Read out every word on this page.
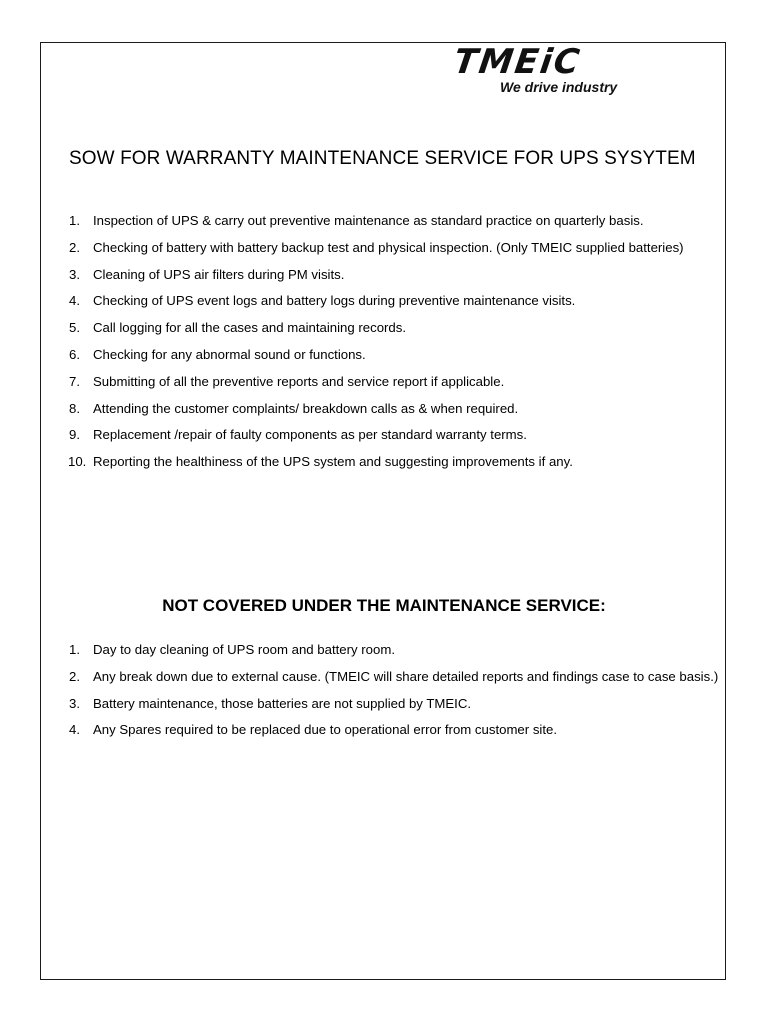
TMEiC
We drive industry
SOW FOR WARRANTY MAINTENANCE SERVICE FOR UPS SYSYTEM
1. Inspection of UPS & carry out preventive maintenance as standard practice on quarterly basis.
2. Checking of battery with battery backup test and physical inspection. (Only TMEIC supplied batteries)
3. Cleaning of UPS air filters during PM visits.
4. Checking of UPS event logs and battery logs during preventive maintenance visits.
5. Call logging for all the cases and maintaining records.
6. Checking for any abnormal sound or functions.
7. Submitting of all the preventive reports and service report if applicable.
8. Attending the customer complaints/ breakdown calls as & when required.
9. Replacement /repair of faulty components as per standard warranty terms.
10. Reporting the healthiness of the UPS system and suggesting improvements if any.
NOT COVERED UNDER THE MAINTENANCE SERVICE:
1. Day to day cleaning of UPS room and battery room.
2. Any break down due to external cause. (TMEIC will share detailed reports and findings case to case basis.)
3. Battery maintenance, those batteries are not supplied by TMEIC.
4. Any Spares required to be replaced due to operational error from customer site.
